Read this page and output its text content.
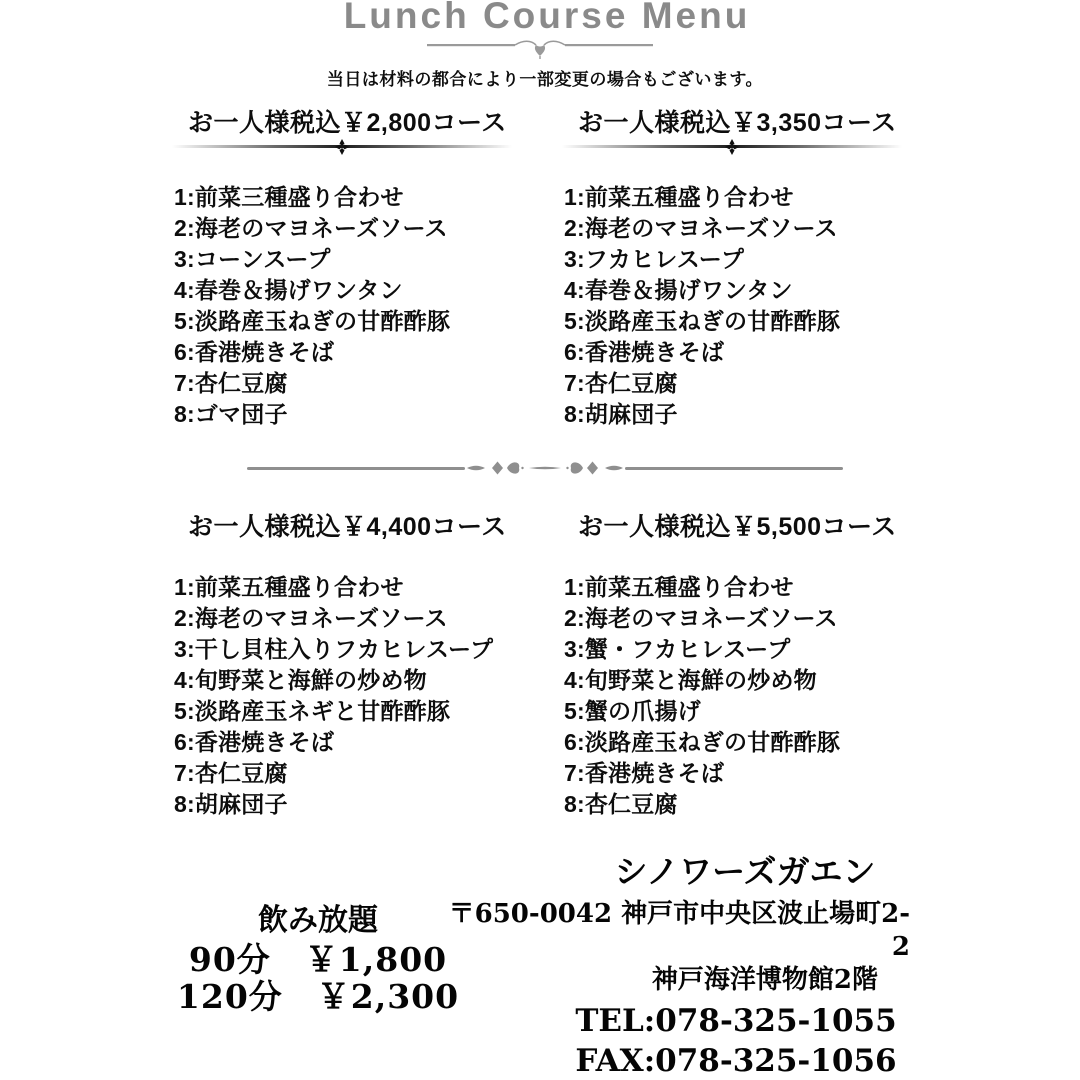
Lunch Course Menu
当日は材料の都合により一部変更の場合もございます。
お一人様税込￥2,800コース
1:前菜三種盛り合わせ
2:海老のマヨネーズソース
3:コーンスープ
4:春巻＆揚げワンタン
5:淡路産玉ねぎの甘酢酢豚
6:香港焼きそば
7:杏仁豆腐
8:ゴマ団子
お一人様税込￥3,350コース
1:前菜五種盛り合わせ
2:海老のマヨネーズソース
3:フカヒレスープ
4:春巻＆揚げワンタン
5:淡路産玉ねぎの甘酢酢豚
6:香港焼きそば
7:杏仁豆腐
8:胡麻団子
お一人様税込￥4,400コース
1:前菜五種盛り合わせ
2:海老のマヨネーズソース
3:干し貝柱入りフカヒレスープ
4:旬野菜と海鮮の炒め物
5:淡路産玉ネギと甘酢酢豚
6:香港焼きそば
7:杏仁豆腐
8:胡麻団子
お一人様税込￥5,500コース
1:前菜五種盛り合わせ
2:海老のマヨネーズソース
3:蟹・フカヒレスープ
4:旬野菜と海鮮の炒め物
5:蟹の爪揚げ
6:淡路産玉ねぎの甘酢酢豚
7:香港焼きそば
8:杏仁豆腐
飲み放題
90分　￥1,800
120分　￥2,300
シノワーズガエン
〒650-0042 神戸市中央区波止場町2-2
神戸海洋博物館2階
TEL:078-325-1055
FAX:078-325-1056
